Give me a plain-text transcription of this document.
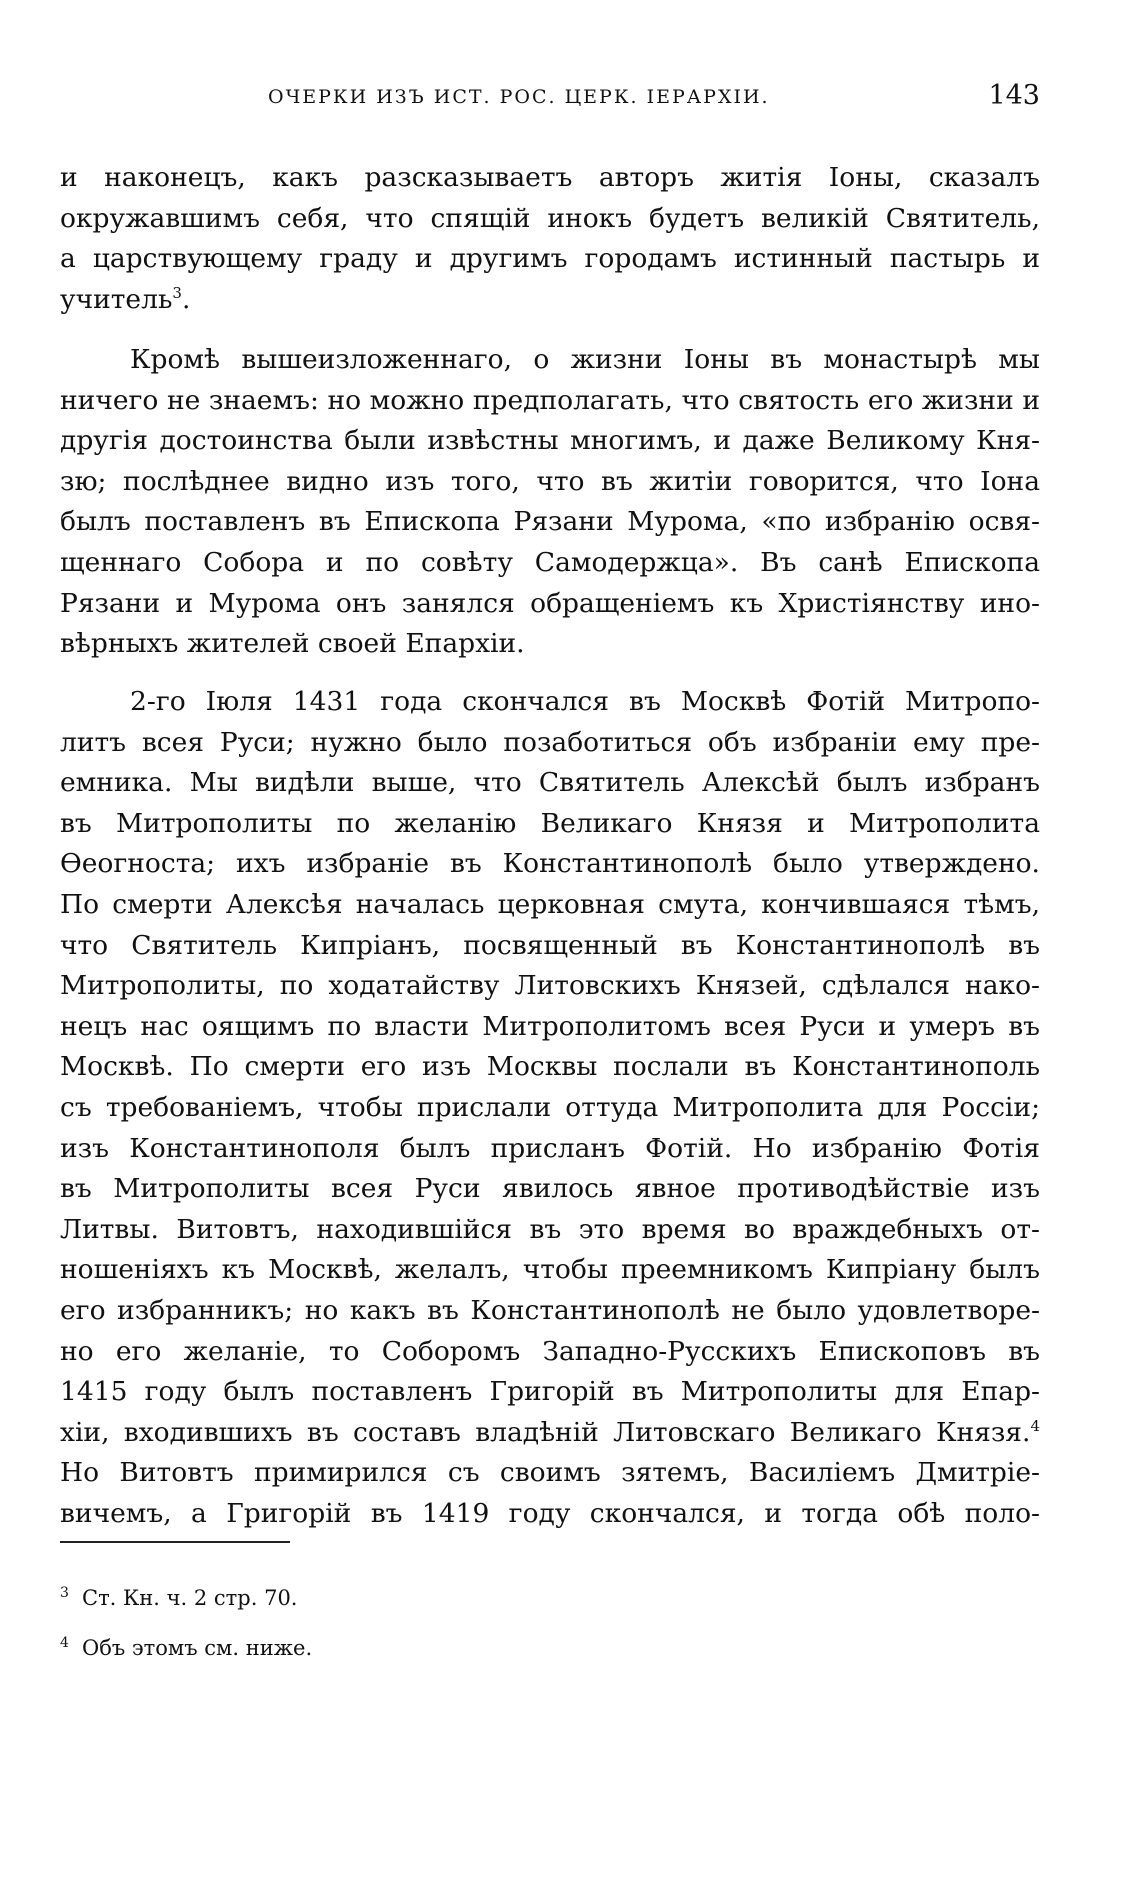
ОЧЕРКИ ИЗЪ ИСТ. РОС. ЦЕРК. ІЕРАРХІИ.	143
и наконецъ, какъ разсказываетъ авторъ житія Іоны, сказалъ
окружавшимъ себя, что спящій инокъ будетъ великій Святитель,
а царствующему граду и другимъ городамъ истинный пастырь и
учитель$^3$.
Кромѣ вышеизложеннаго, о жизни Іоны въ монастырѣ мы
ничего не знаемъ: но можно предполагать, что святость его жизни и
другія достоинства были извѣстны многимъ, и даже Великому Кня-
зю; послѣднее видно изъ того, что въ житіи говорится, что Іона
былъ поставленъ въ Епископа Рязани Мурома, «по избранію освя-
щеннаго Собора и по совѣту Самодержца». Въ санѣ Епископа
Рязани и Мурома онъ занялся обращеніемъ къ Христіянству ино-
вѣрныхъ жителей своей Епархіи.
2-го Іюля 1431 года скончался въ Москвѣ Фотій Митропо-
литъ всея Руси; нужно было позаботиться объ избраніи ему пре-
емника. Мы видѣли выше, что Святитель Алексѣй былъ избранъ
въ Митрополиты по желанію Великаго Князя и Митрополита
Ѳеогноста; ихъ избраніе въ Константинополѣ было утверждено.
По смерти Алексѣя началась церковная смута, кончившаяся тѣмъ,
что Святитель Кипріанъ, посвященный въ Константинополѣ въ
Митрополиты, по ходатайству Литовскихъ Князей, сдѣлался нако-
нецъ нас оящимъ по власти Митрополитомъ всея Руси и умеръ въ
Москвѣ. По смерти его изъ Москвы послали въ Константинополь
съ требованіемъ, чтобы прислали оттуда Митрополита для Россіи;
изъ Константинополя былъ присланъ Фотій. Но избранію Фотія
въ Митрополиты всея Руси явилось явное противодѣйствіе изъ
Литвы. Витовтъ, находившійся въ это время во враждебныхъ от-
ношеніяхъ къ Москвѣ, желалъ, чтобы преемникомъ Кипріану былъ
его избранникъ; но какъ въ Константинополѣ не было удовлетворе-
но его желаніе, то Соборомъ Западно-Русскихъ Епископовъ въ
1415 году былъ поставленъ Григорій въ Митрополиты для Епар-
хіи, входившихъ въ составъ владѣній Литовскаго Великаго Князя.$^4$
Но Витовтъ примирился съ своимъ зятемъ, Василіемъ Дмитріе-
вичемъ, а Григорій въ 1419 году скончался, и тогда обѣ поло-
3 Ст. Кн. ч. 2 стр. 70.
4 Объ этомъ см. ниже.
